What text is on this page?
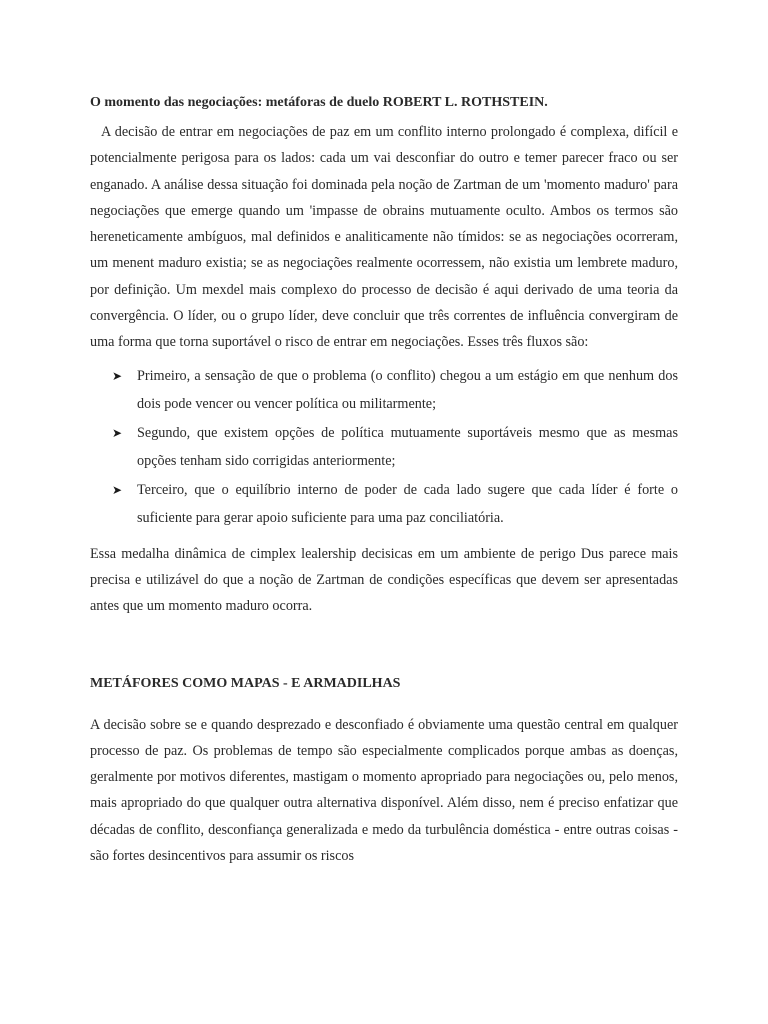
O momento das negociações: metáforas de duelo ROBERT L. ROTHSTEIN.

A decisão de entrar em negociações de paz em um conflito interno prolongado é complexa, difícil e potencialmente perigosa para os lados: cada um vai desconfiar do outro e temer parecer fraco ou ser enganado. A análise dessa situação foi dominada pela noção de Zartman de um 'momento maduro' para negociações que emerge quando um 'impasse de obrains mutuamente oculto. Ambos os termos são hereneticamente ambíguos, mal definidos e analiticamente não tímidos: se as negociações ocorreram, um menent maduro existia; se as negociações realmente ocorressem, não existia um lembrete maduro, por definição. Um mexdel mais complexo do processo de decisão é aqui derivado de uma teoria da convergência. O líder, ou o grupo líder, deve concluir que três correntes de influência convergiram de uma forma que torna suportável o risco de entrar em negociações. Esses três fluxos são:

➤ Primeiro, a sensação de que o problema (o conflito) chegou a um estágio em que nenhum dos dois pode vencer ou vencer política ou militarmente;
➤ Segundo, que existem opções de política mutuamente suportáveis mesmo que as mesmas opções tenham sido corrigidas anteriormente;
➤ Terceiro, que o equilíbrio interno de poder de cada lado sugere que cada líder é forte o suficiente para gerar apoio suficiente para uma paz conciliatória.

Essa medalha dinâmica de cimplex lealership decisicas em um ambiente de perigo Dus parece mais precisa e utilizável do que a noção de Zartman de condições específicas que devem ser apresentadas antes que um momento maduro ocorra.

METÁFORES COMO MAPAS - E ARMADILHAS

A decisão sobre se e quando desprezado e desconfiado é obviamente uma questão central em qualquer processo de paz. Os problemas de tempo são especialmente complicados porque ambas as doenças, geralmente por motivos diferentes, mastigam o momento apropriado para negociações ou, pelo menos, mais apropriado do que qualquer outra alternativa disponível. Além disso, nem é preciso enfatizar que décadas de conflito, desconfiança generalizada e medo da turbulência doméstica - entre outras coisas - são fortes desincentivos para assumir os riscos
